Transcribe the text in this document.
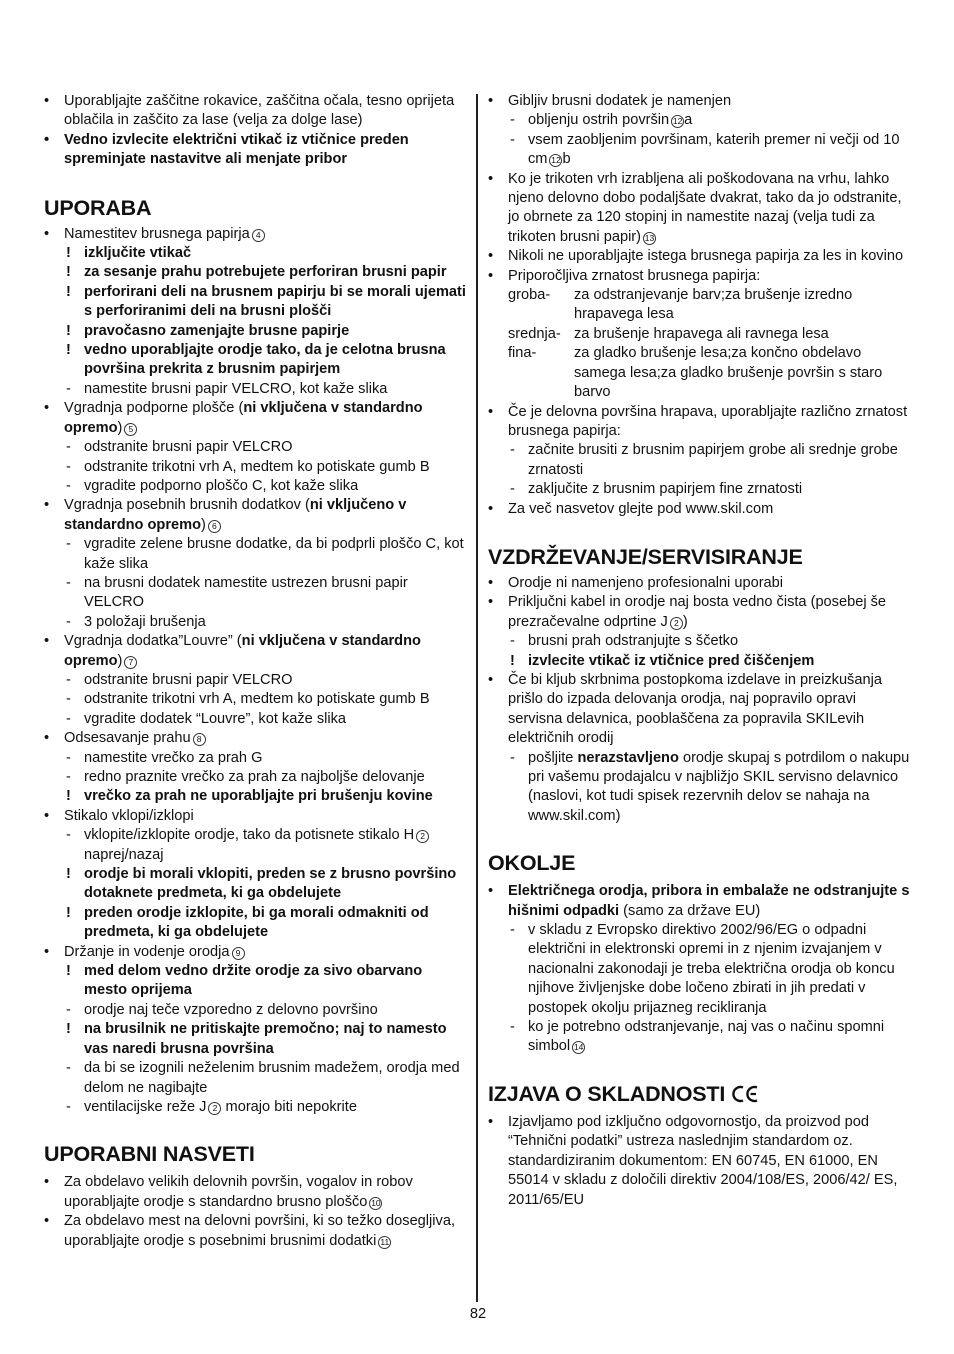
• Uporabljajte zaščitne rokavice, zaščitna očala, tesno oprijeta oblačila in zaščito za lase (velja za dolge lase)

• Vedno izvlecite električni vtikač iz vtičnice preden spreminjate nastavitve ali menjate pribor

UPORABA

• Namestitev brusnega papirja 4

! izključite vtikač

! za sesanje prahu potrebujete perforiran brusni papir

! perforirani deli na brusnem papirju bi se morali ujemati s perforiranimi deli na brusni plošči

! pravočasno zamenjajte brusne papirje

! vedno uporabljajte orodje tako, da je celotna brusna površina prekrita z brusnim papirjem

- namestite brusni papir VELCRO, kot kaže slika

• Vgradnja podporne plošče (ni vključena v standardno opremo) 5

- odstranite brusni papir VELCRO

- odstranite trikotni vrh A, medtem ko potiskate gumb B

- vgradite podporno ploščo C, kot kaže slika

• Vgradnja posebnih brusnih dodatkov (ni vključeno v standardno opremo) 6

- vgradite zelene brusne dodatke, da bi podprli ploščo C, kot kaže slika

- na brusni dodatek namestite ustrezen brusni papir VELCRO

- 3 položaji brušenja

• Vgradnja dodatka”Louvre” (ni vključena v standardno opremo) 7

- odstranite brusni papir VELCRO

- odstranite trikotni vrh A, medtem ko potiskate gumb B

- vgradite dodatek “Louvre”, kot kaže slika

• Odsesavanje prahu 8

- namestite vrečko za prah G

- redno praznite vrečko za prah za najboljše delovanje

! vrečko za prah ne uporabljajte pri brušenju kovine

• Stikalo vklopi/izklopi

- vklopite/izklopite orodje, tako da potisnete stikalo H 2 naprej/nazaj

! orodje bi morali vklopiti, preden se z brusno površino dotaknete predmeta, ki ga obdelujete

! preden orodje izklopite, bi ga morali odmakniti od predmeta, ki ga obdelujete

• Držanje in vodenje orodja 9

! med delom vedno držite orodje za sivo obarvano mesto oprijema

- orodje naj teče vzporedno z delovno površino

! na brusilnik ne pritiskajte premočno; naj to namesto vas naredi brusna površina

- da bi se izognili neželenim brusnim madežem, orodja med delom ne nagibajte

- ventilacijske reže J 2 morajo biti nepokrite

UPORABNI NASVETI

• Za obdelavo velikih delovnih površin, vogalov in robov uporabljajte orodje s standardno brusno ploščo 10

• Za obdelavo mest na delovni površini, ki so težko dosegljiva, uporabljajte orodje s posebnimi brusnimi dodatki 11

• Gibljiv brusni dodatek je namenjen

- obljenju ostrih površin 12 a

- vsem zaobljenim površinam, katerih premer ni večji od 10 cm 12 b

• Ko je trikoten vrh izrabljena ali poškodovana na vrhu, lahko njeno delovno dobo podaljšate dvakrat, tako da jo odstranite, jo obrnete za 120 stopinj in namestite nazaj (velja tudi za trikoten brusni papir) 13

• Nikoli ne uporabljajte istega brusnega papirja za les in kovino

• Priporočljiva zrnatost brusnega papirja:

groba-	za odstranjevanje barv;za brušenje izredno hrapavega lesa
srednja- za brušenje hrapavega ali ravnega lesa
fina-	za gladko brušenje lesa;za končno obdelavo samega lesa;za gladko brušenje površin s staro barvo

• Če je delovna površina hrapava, uporabljajte različno zrnatost brusnega papirja:

- začnite brusiti z brusnim papirjem grobe ali srednje grobe zrnatosti

- zaključite z brusnim papirjem fine zrnatosti

• Za več nasvetov glejte pod www.skil.com

VZDRŽEVANJE/SERVISIRANJE

• Orodje ni namenjeno profesionalni uporabi

• Priključni kabel in orodje naj bosta vedno čista (posebej še prezračevalne odprtine J 2 )

- brusni prah odstranjujte s ščetko

! izvlecite vtikač iz vtičnice pred čiščenjem

• Če bi kljub skrbnima postopkoma izdelave in preizkušanja prišlo do izpada delovanja orodja, naj popravilo opravi servisna delavnica, pooblaščena za popravila SKILevih električnih orodij

- pošljite nerazstavljeno orodje skupaj s potrdilom o nakupu pri vašemu prodajalcu v najbližjo SKIL servisno delavnico (naslovi, kot tudi spisek rezervnih delov se nahaja na www.skil.com)

OKOLJE

• Električnega orodja, pribora in embalaže ne odstranjujte s hišnimi odpadki (samo za države EU)

- v skladu z Evropsko direktivo 2002/96/EG o odpadni električni in elektronski opremi in z njenim izvajanjem v nacionalni zakonodaji je treba električna orodja ob koncu njihove življenjske dobe ločeno zbirati in jih predati v postopek okolju prijazneg recikliranja

- ko je potrebno odstranjevanje, naj vas o načinu spomni simbol 14

IZJAVA O SKLADNOSTI

• Izjavljamo pod izključno odgovornostjo, da proizvod pod “Tehnični podatki” ustreza naslednjim standardom oz. standardiziranim dokumentom: EN 60745, EN 61000, EN 55014 v skladu z določili direktiv 2004/108/ES, 2006/42/ ES, 2011/65/EU

82
